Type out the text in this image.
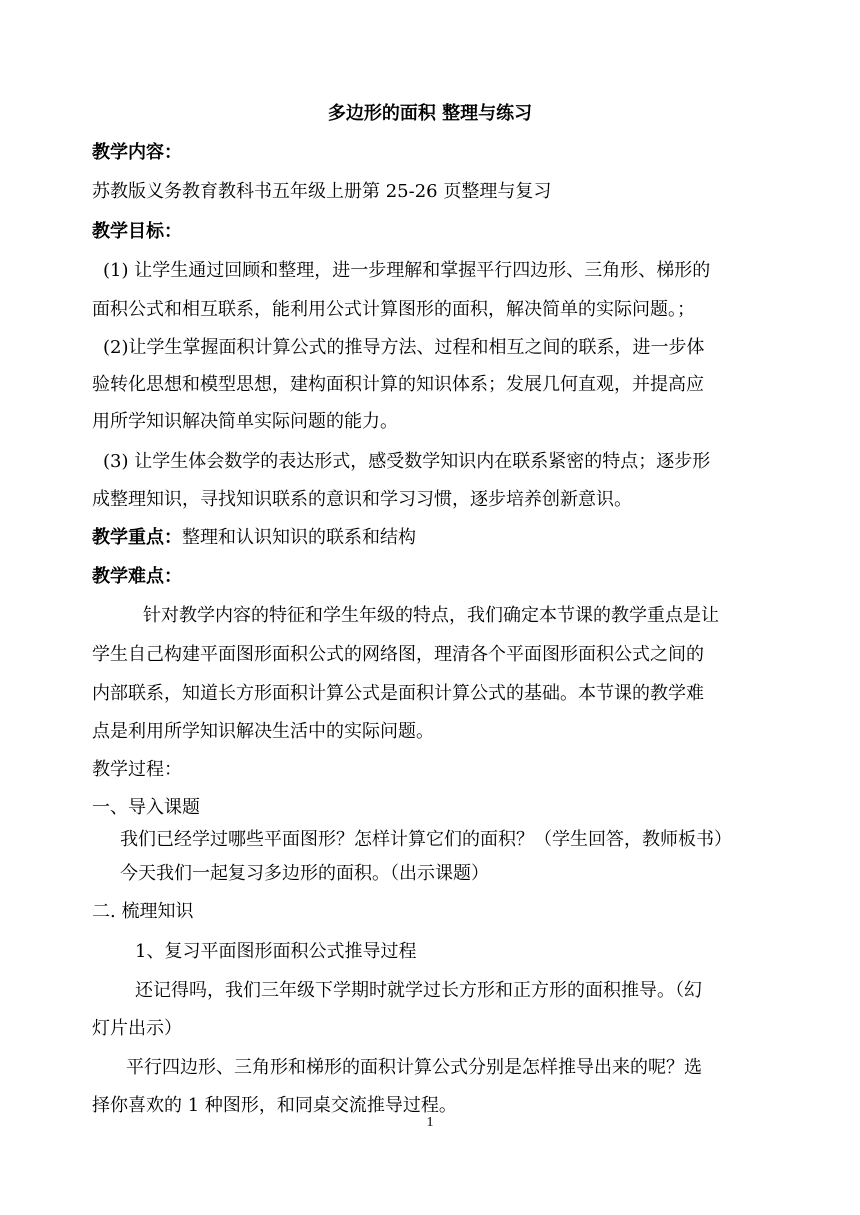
多边形的面积 整理与练习
教学内容：
苏教版义务教育教科书五年级上册第 25-26 页整理与复习
教学目标：
(1) 让学生通过回顾和整理，进一步理解和掌握平行四边形、三角形、梯形的
面积公式和相互联系，能利用公式计算图形的面积，解决简单的实际问题。；
(2)让学生掌握面积计算公式的推导方法、过程和相互之间的联系，进一步体
验转化思想和模型思想，建构面积计算的知识体系；发展几何直观，并提高应
用所学知识解决简单实际问题的能力。
(3) 让学生体会数学的表达形式，感受数学知识内在联系紧密的特点；逐步形
成整理知识，寻找知识联系的意识和学习习惯，逐步培养创新意识。
教学重点：整理和认识知识的联系和结构
教学难点：
针对教学内容的特征和学生年级的特点，我们确定本节课的教学重点是让
学生自己构建平面图形面积公式的网络图，理清各个平面图形面积公式之间的
内部联系，知道长方形面积计算公式是面积计算公式的基础。本节课的教学难
点是利用所学知识解决生活中的实际问题。
教学过程：
一、导入课题
我们已经学过哪些平面图形？怎样计算它们的面积？（学生回答，教师板书）
今天我们一起复习多边形的面积。（出示课题）
二. 梳理知识
1、复习平面图形面积公式推导过程
还记得吗，我们三年级下学期时就学过长方形和正方形的面积推导。（幻
灯片出示）
平行四边形、三角形和梯形的面积计算公式分别是怎样推导出来的呢？选
择你喜欢的 1 种图形，和同桌交流推导过程。
1
